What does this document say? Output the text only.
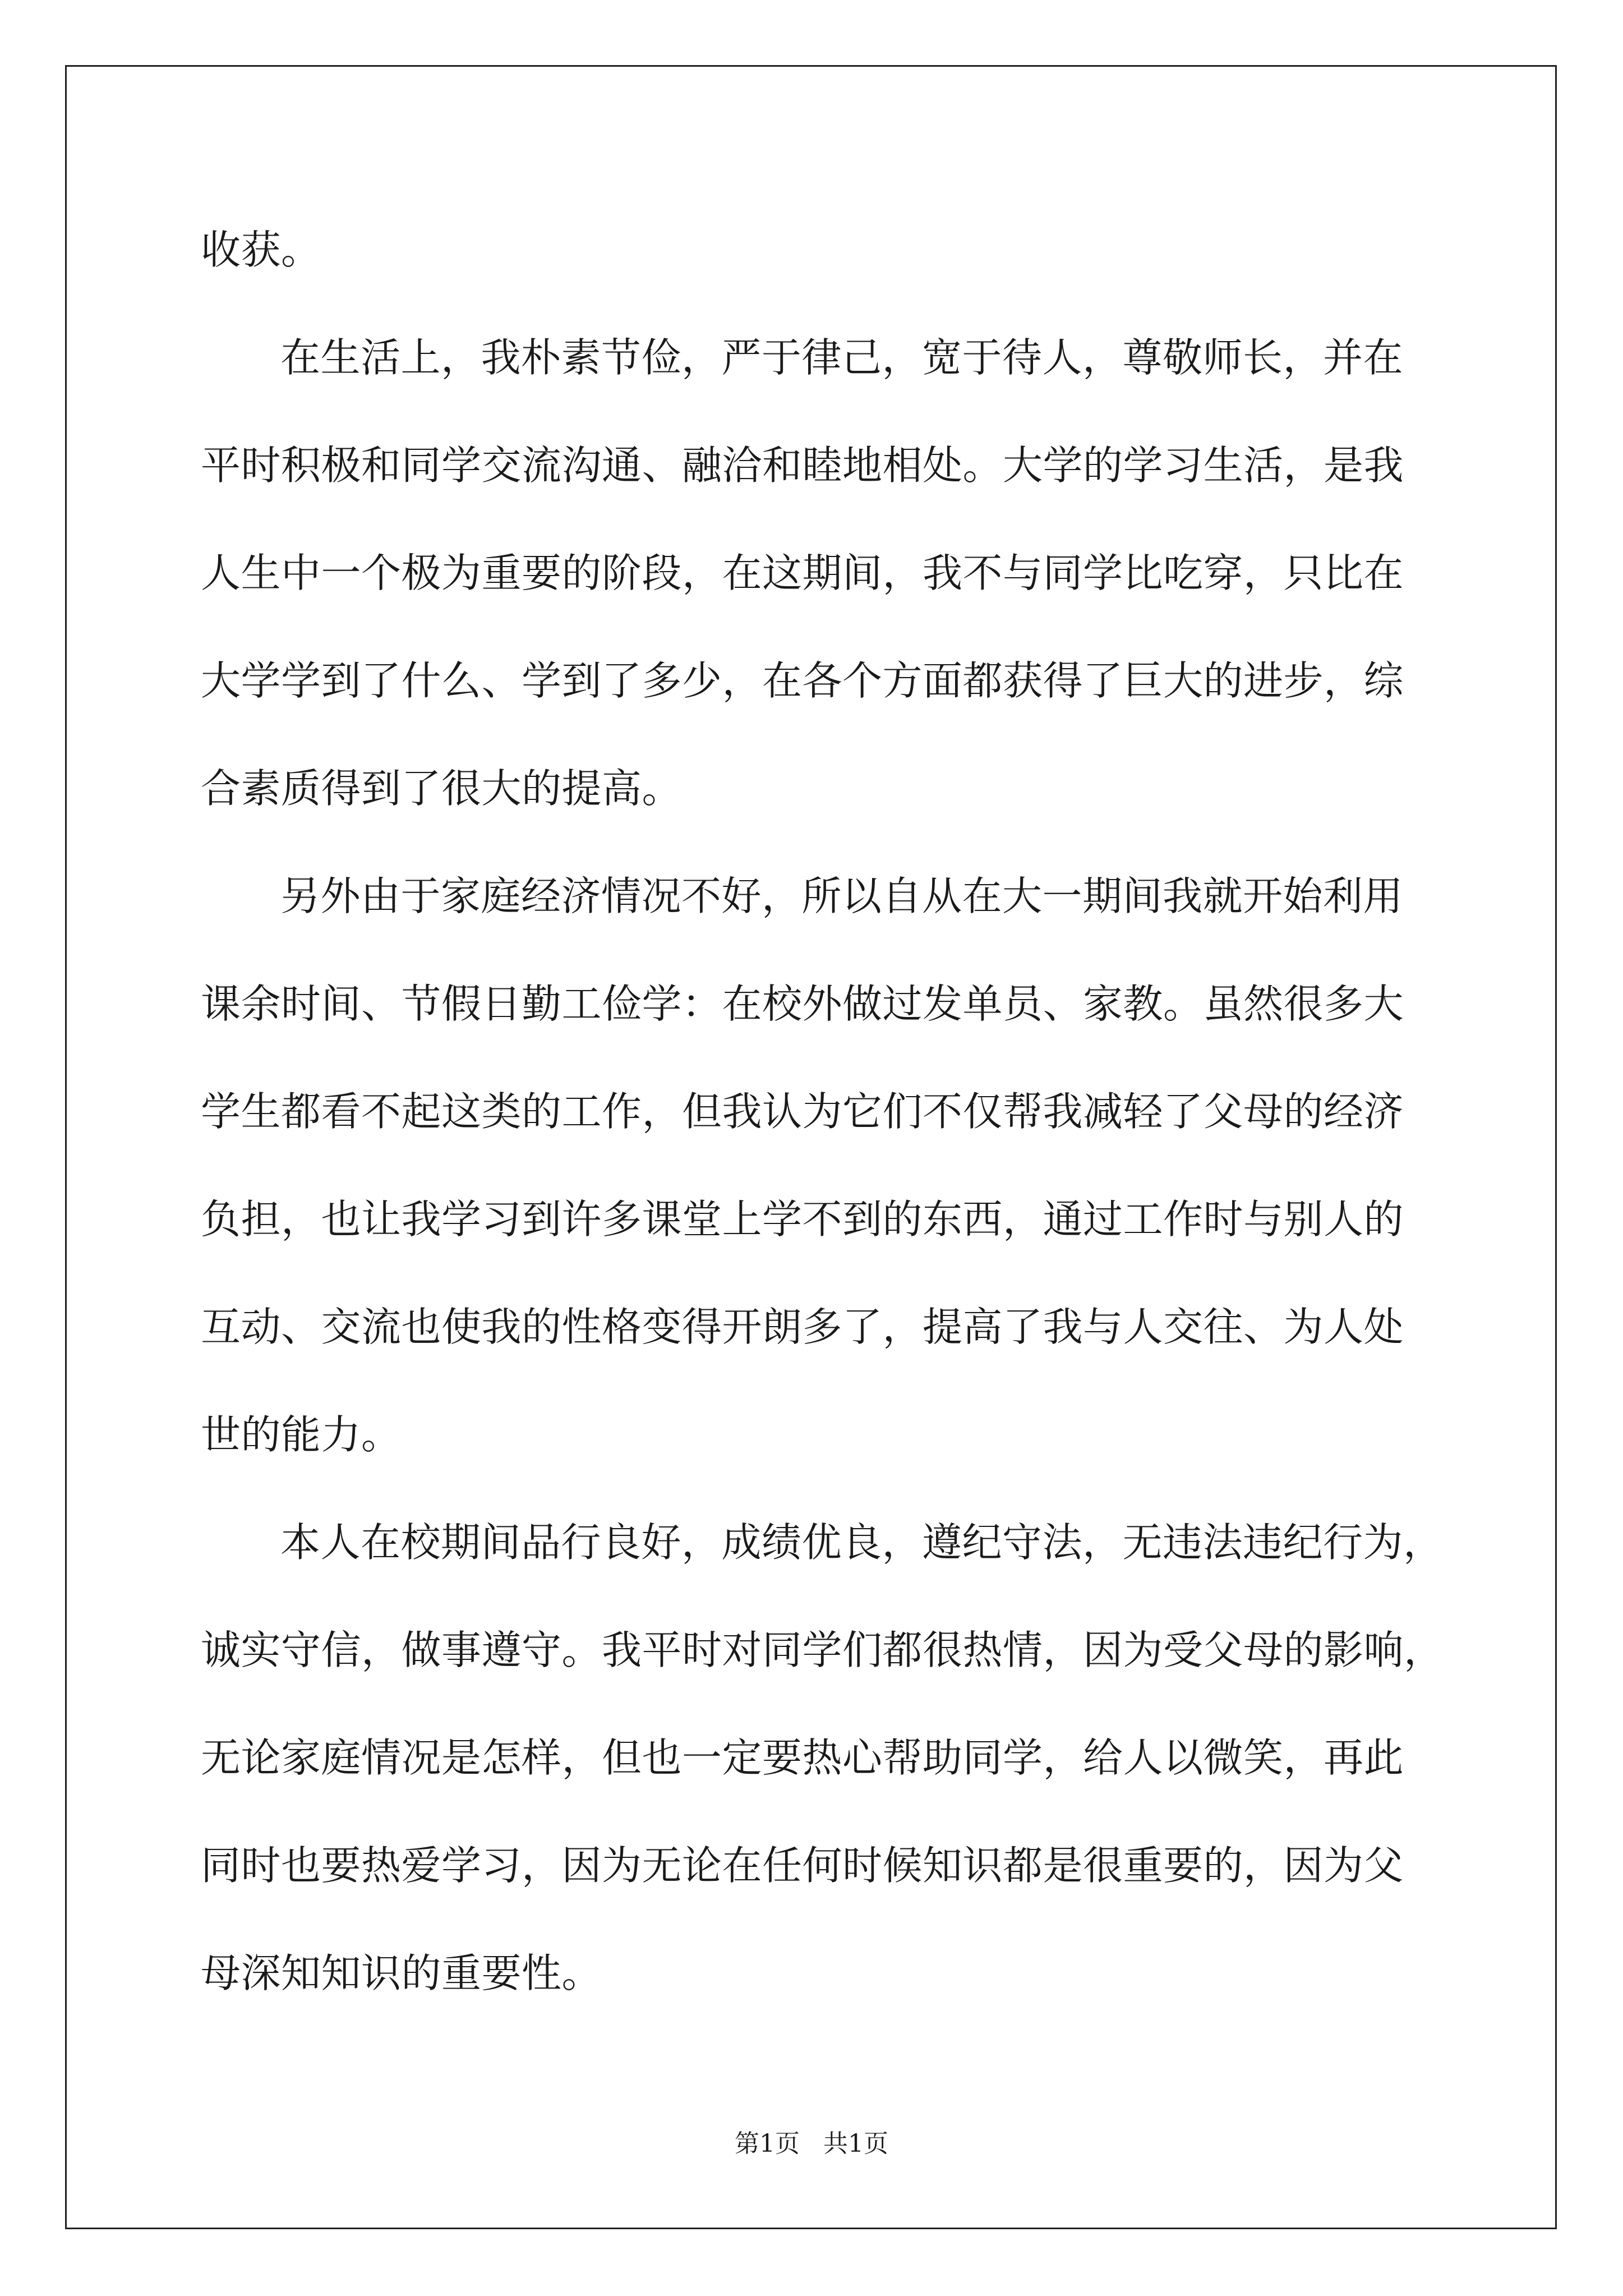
收获。
在生活上，我朴素节俭，严于律己，宽于待人，尊敬师长，并在
平时积极和同学交流沟通、融洽和睦地相处。大学的学习生活，是我
人生中一个极为重要的阶段，在这期间，我不与同学比吃穿，只比在
大学学到了什么、学到了多少，在各个方面都获得了巨大的进步，综
合素质得到了很大的提高。
另外由于家庭经济情况不好，所以自从在大一期间我就开始利用
课余时间、节假日勤工俭学：在校外做过发单员、家教。虽然很多大
学生都看不起这类的工作，但我认为它们不仅帮我减轻了父母的经济
负担，也让我学习到许多课堂上学不到的东西，通过工作时与别人的
互动、交流也使我的性格变得开朗多了，提高了我与人交往、为人处
世的能力。
本人在校期间品行良好，成绩优良，遵纪守法，无违法违纪行为，
诚实守信，做事遵守。我平时对同学们都很热情，因为受父母的影响，
无论家庭情况是怎样，但也一定要热心帮助同学，给人以微笑，再此
同时也要热爱学习，因为无论在任何时候知识都是很重要的，因为父
母深知知识的重要性。
第1页 共1页
